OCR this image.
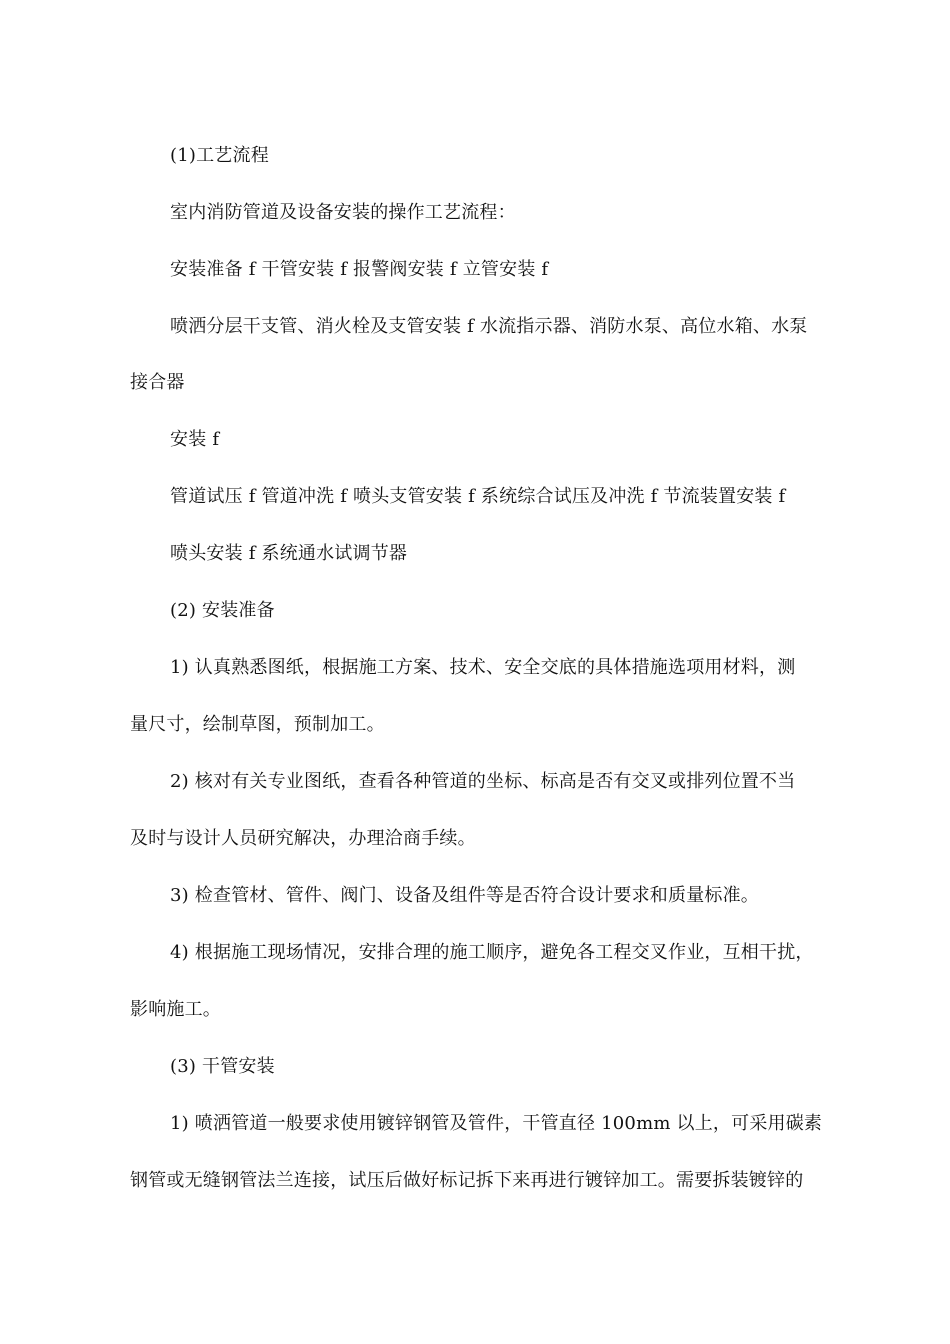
(1)工艺流程

室内消防管道及设备安装的操作工艺流程：

安装准备 f 干管安装 f 报警阀安装 f 立管安装 f

喷洒分层干支管、消火栓及支管安装 f 水流指示器、消防水泵、高位水箱、水泵

接合器

安装 f

管道试压 f 管道冲洗 f 喷头支管安装 f 系统综合试压及冲洗 f 节流装置安装 f

喷头安装 f 系统通水试调节器

(2) 安装准备

1) 认真熟悉图纸，根据施工方案、技术、安全交底的具体措施选项用材料，测

量尺寸，绘制草图，预制加工。

2) 核对有关专业图纸，查看各种管道的坐标、标高是否有交叉或排列位置不当

及时与设计人员研究解决，办理洽商手续。

3) 检查管材、管件、阀门、设备及组件等是否符合设计要求和质量标准。

4) 根据施工现场情况，安排合理的施工顺序，避免各工程交叉作业，互相干扰，

影响施工。

(3) 干管安装

1) 喷洒管道一般要求使用镀锌钢管及管件，干管直径 100mm 以上，可采用碳素

钢管或无缝钢管法兰连接，试压后做好标记拆下来再进行镀锌加工。需要拆装镀锌的
